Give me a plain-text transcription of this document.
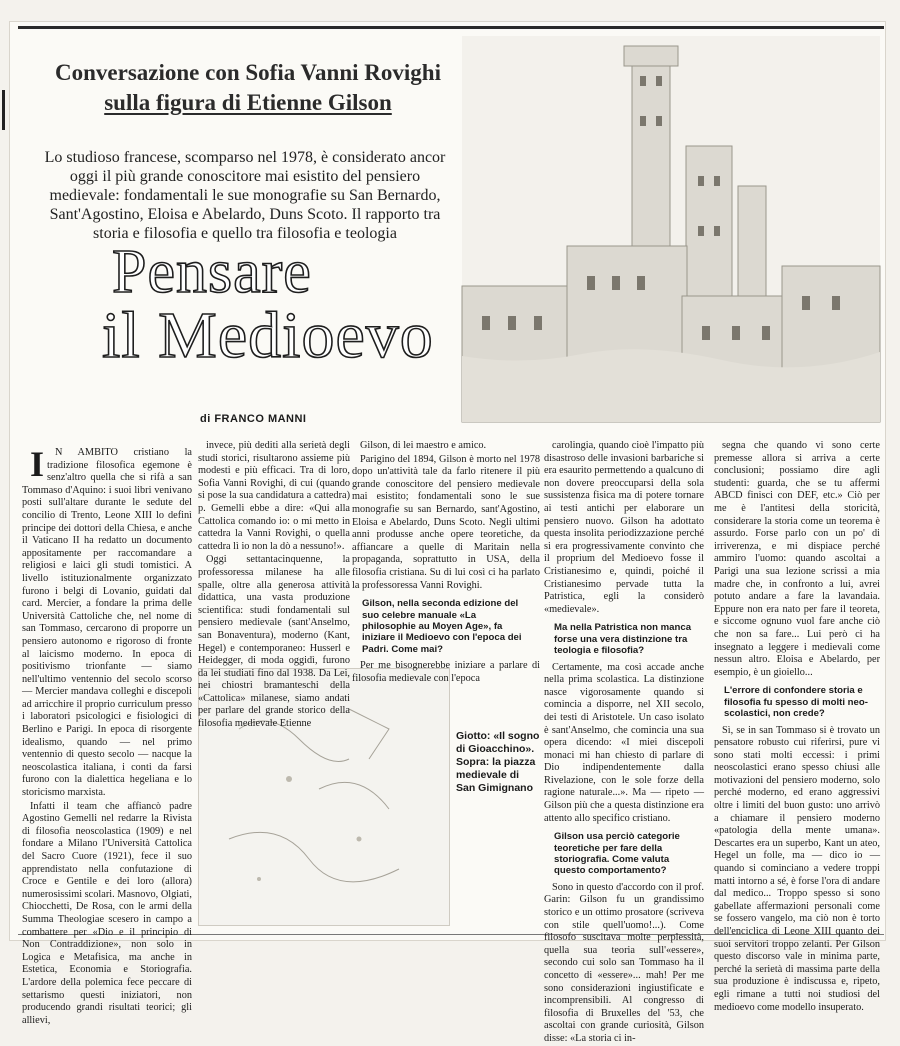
Conversazione con Sofia Vanni Rovighi
sulla figura di Etienne Gilson
Lo studioso francese, scomparso nel 1978, è considerato ancor oggi il più grande conoscitore mai esistito del pensiero medievale: fondamentali le sue monografie su San Bernardo, Sant'Agostino, Eloisa e Abelardo, Duns Scoto. Il rapporto tra storia e filosofia e quello tra filosofia e teologia
Pensare
il Medioevo
di FRANCO MANNI
Giotto: «Il sogno di Gioacchino». Sopra: la piazza medievale di San Gimignano

IN AMBITO cristiano la tradizione filosofica egemone è senz'altro quella che si rifà a san Tommaso d'Aquino: i suoi libri venivano posti sull'altare durante le sedute del concilio di Trento, Leone XIII lo definì principe dei dottori della Chiesa, e anche il Vaticano II ha redatto un documento appositamente per raccomandare a religiosi e laici gli studi tomistici. A livello istituzionalmente organizzato furono i belgi di Lovanio, guidati dal card. Mercier, a fondare la prima delle Università Cattoliche che, nel nome di san Tommaso, cercarono di proporre un pensiero autonomo e rigoroso di fronte al laicismo moderno. In epoca di positivismo trionfante — siamo nell'ultimo ventennio del secolo scorso — Mercier mandava colleghi e discepoli ad arricchire il proprio curriculum presso i laboratori psicologici e fisiologici di Berlino e Parigi. In epoca di risorgente idealismo, quando — nel primo ventennio di questo secolo — nacque la neoscolastica italiana, i conti da farsi furono con la dialettica hegeliana e lo storicismo marxista.

Infatti il team che affiancò padre Agostino Gemelli nel redarre la Rivista di filosofia neoscolastica (1909) e nel fondare a Milano l'Università Cattolica del Sacro Cuore (1921), fece il suo apprendistato nella confutazione di Croce e Gentile e dei loro (allora) numerosissimi scolari. Masnovo, Olgiati, Chiocchetti, De Rosa, con le armi della Summa Theologiae scesero in campo a combattere per «Dio e il principio di Non Contraddizione», non solo in Logica e Metafisica, ma anche in Estetica, Economia e Storiografia. L'ardore della polemica fece peccare di settarismo questi iniziatori, non producendo grandi risultati teorici; gli allievi,

invece, più dediti alla serietà degli studi storici, risultarono assieme più modesti e più efficaci. Tra di loro, Sofia Vanni Rovighi, di cui (quando si pose la sua candidatura a cattedra) p. Gemelli ebbe a dire: «Qui alla Cattolica comando io: o mi metto in cattedra la Vanni Rovighi, o quella cattedra lì io non la dò a nessuno!».

Oggi settantacinquenne, la professoressa milanese ha alle spalle, oltre alla generosa attività didattica, una vasta produzione scientifica: studi fondamentali sul pensiero medievale (sant'Anselmo, san Bonaventura), moderno (Kant, Hegel) e contemporaneo: Husserl e Heidegger, di moda oggidì, furono da lei studiati fino dal 1938. Da Lei, nei chiostri bramanteschi della «Cattolica» milanese, siamo andati per parlare del grande storico della filosofia medievale Etienne

Gilson, di lei maestro e amico.

Parigino del 1894, Gilson è morto nel 1978 dopo un'attività tale da farlo ritenere il più grande conoscitore del pensiero medievale mai esistito; fondamentali sono le sue monografie su san Bernardo, sant'Agostino, Eloisa e Abelardo, Duns Scoto. Negli ultimi anni produsse anche opere teoretiche, da affiancare a quelle di Maritain nella propaganda, soprattutto in USA, della filosofia cristiana. Su di lui così ci ha parlato la professoressa Vanni Rovighi.

Gilson, nella seconda edizione del suo celebre manuale «La philosophie au Moyen Age», fa iniziare il Medioevo con l'epoca dei Padri. Come mai?

Per me bisognerebbe iniziare a parlare di filosofia medievale con l'epoca

carolingia, quando cioè l'impatto più disastroso delle invasioni barbariche si era esaurito permettendo a qualcuno di non dovere preoccuparsi della sola sussistenza fisica ma di potere tornare ai testi antichi per elaborare un pensiero nuovo. Gilson ha adottato questa insolita periodizzazione perché si era progressivamente convinto che il proprium del Medioevo fosse il Cristianesimo e, quindi, poiché il Cristianesimo pervade tutta la Patristica, egli la considerò «medievale».

Ma nella Patristica non manca forse una vera distinzione tra teologia e filosofia?

Certamente, ma così accade anche nella prima scolastica. La distinzione nasce vigorosamente quando si comincia a disporre, nel XII secolo, dei testi di Aristotele. Un caso isolato è sant'Anselmo, che comincia una sua opera dicendo: «I miei discepoli monaci mi han chiesto di parlare di Dio indipendentemente dalla Rivelazione, con le sole forze della ragione naturale...». Ma — ripeto — Gilson più che a questa distinzione era attento allo specifico cristiano.

Gilson usa perciò categorie teoretiche per fare della storiografia. Come valuta questo comportamento?

Sono in questo d'accordo con il prof. Garin: Gilson fu un grandissimo storico e un ottimo prosatore (scriveva con stile quell'uomo!...). Come filosofo suscitava molte perplessità, quella sua teoria sull'«essere», secondo cui solo san Tommaso ha il concetto di «essere»... mah! Per me sono considerazioni ingiustificate e incomprensibili. Al congresso di filosofia di Bruxelles del '53, che ascoltai con grande curiosità, Gilson disse: «La storia ci in-

segna che quando vi sono certe premesse allora si arriva a certe conclusioni; possiamo dire agli studenti: guarda, che se tu affermi ABCD finisci con DEF, etc.» Ciò per me è l'antitesi della storicità, considerare la storia come un teorema è assurdo. Forse parlo con un po' di irriverenza, e mi dispiace perché ammiro l'uomo: quando ascoltai a Parigi una sua lezione scrissi a mia madre che, in confronto a lui, avrei potuto andare a fare la lavandaia. Eppure non era nato per fare il teoreta, e siccome ognuno vuol fare anche ciò che non sa fare... Lui però ci ha insegnato a leggere i medievali come nessun altro. Eloisa e Abelardo, per esempio, è un gioiello...

L'errore di confondere storia e filosofia fu spesso di molti neo-scolastici, non crede?

Sì, se in san Tommaso si è trovato un pensatore robusto cui riferirsi, pure vi sono stati molti eccessi: i primi neoscolastici erano spesso chiusi alle motivazioni del pensiero moderno, solo perché moderno, ed erano aggressivi oltre i limiti del buon gusto: uno arrivò a chiamare il pensiero moderno «patologia della mente umana». Descartes era un superbo, Kant un ateo, Hegel un folle, ma — dico io — quando si cominciano a vedere troppi matti intorno a sé, è forse l'ora di andare dal medico... Troppo spesso si sono gabellate affermazioni personali come se fossero vangelo, ma ciò non è torto dell'enciclica di Leone XIII quanto dei suoi servitori troppo zelanti. Per Gilson questo discorso vale in minima parte, perché la serietà di massima parte della sua produzione è indiscussa e, ripeto, egli rimane a tutti noi studiosi del medioevo come modello insuperato.
